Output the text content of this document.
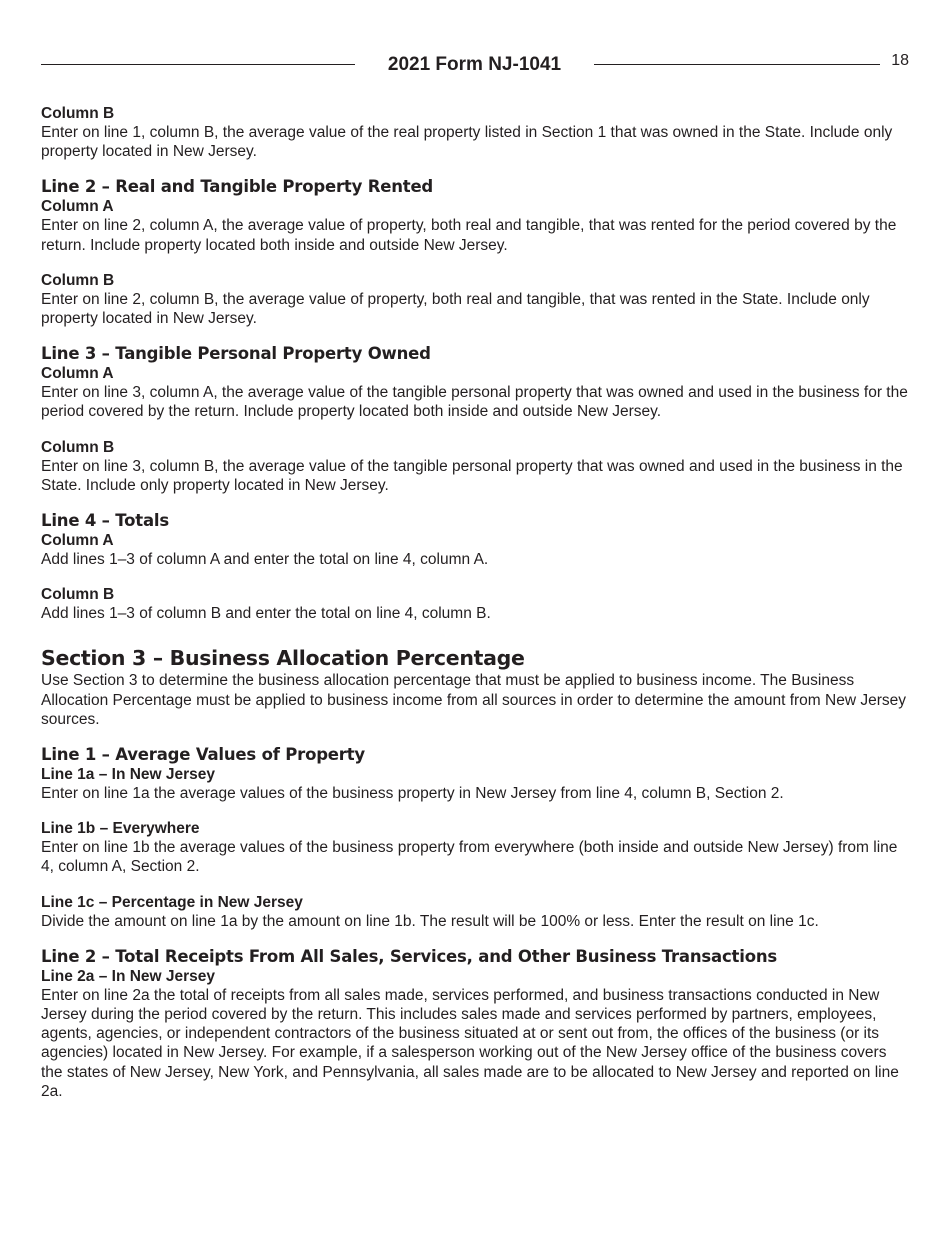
2021 Form NJ-1041	18

Column B

Enter on line 1, column B, the average value of the real property listed in Section 1 that was owned in the State. Include only property located in New Jersey.

Line 2 – Real and Tangible Property Rented

Column A

Enter on line 2, column A, the average value of property, both real and tangible, that was rented for the period covered by the return. Include property located both inside and outside New Jersey.

Column B

Enter on line 2, column B, the average value of property, both real and tangible, that was rented in the State. Include only property located in New Jersey.

Line 3 – Tangible Personal Property Owned

Column A

Enter on line 3, column A, the average value of the tangible personal property that was owned and used in the business for the period covered by the return. Include property located both inside and outside New Jersey.

Column B

Enter on line 3, column B, the average value of the tangible personal property that was owned and used in the business in the State. Include only property located in New Jersey.

Line 4 – Totals

Column A

Add lines 1–3 of column A and enter the total on line 4, column A.

Column B

Add lines 1–3 of column B and enter the total on line 4, column B.

Section 3 – Business Allocation Percentage

Use Section 3 to determine the business allocation percentage that must be applied to business income. The Business Allocation Percentage must be applied to business income from all sources in order to determine the amount from New Jersey sources.

Line 1 – Average Values of Property

Line 1a – In New Jersey

Enter on line 1a the average values of the business property in New Jersey from line 4, column B, Section 2.

Line 1b – Everywhere

Enter on line 1b the average values of the business property from everywhere (both inside and outside New Jersey) from line 4, column A, Section 2.

Line 1c – Percentage in New Jersey

Divide the amount on line 1a by the amount on line 1b. The result will be 100% or less. Enter the result on line 1c.

Line 2 – Total Receipts From All Sales, Services, and Other Business Transactions

Line 2a – In New Jersey

Enter on line 2a the total of receipts from all sales made, services performed, and business transactions conducted in New Jersey during the period covered by the return. This includes sales made and services performed by partners, employees, agents, agencies, or independent contractors of the business situated at or sent out from, the offices of the business (or its agencies) located in New Jersey. For example, if a salesperson working out of the New Jersey office of the business covers the states of New Jersey, New York, and Pennsylvania, all sales made are to be allocated to New Jersey and reported on line 2a.
